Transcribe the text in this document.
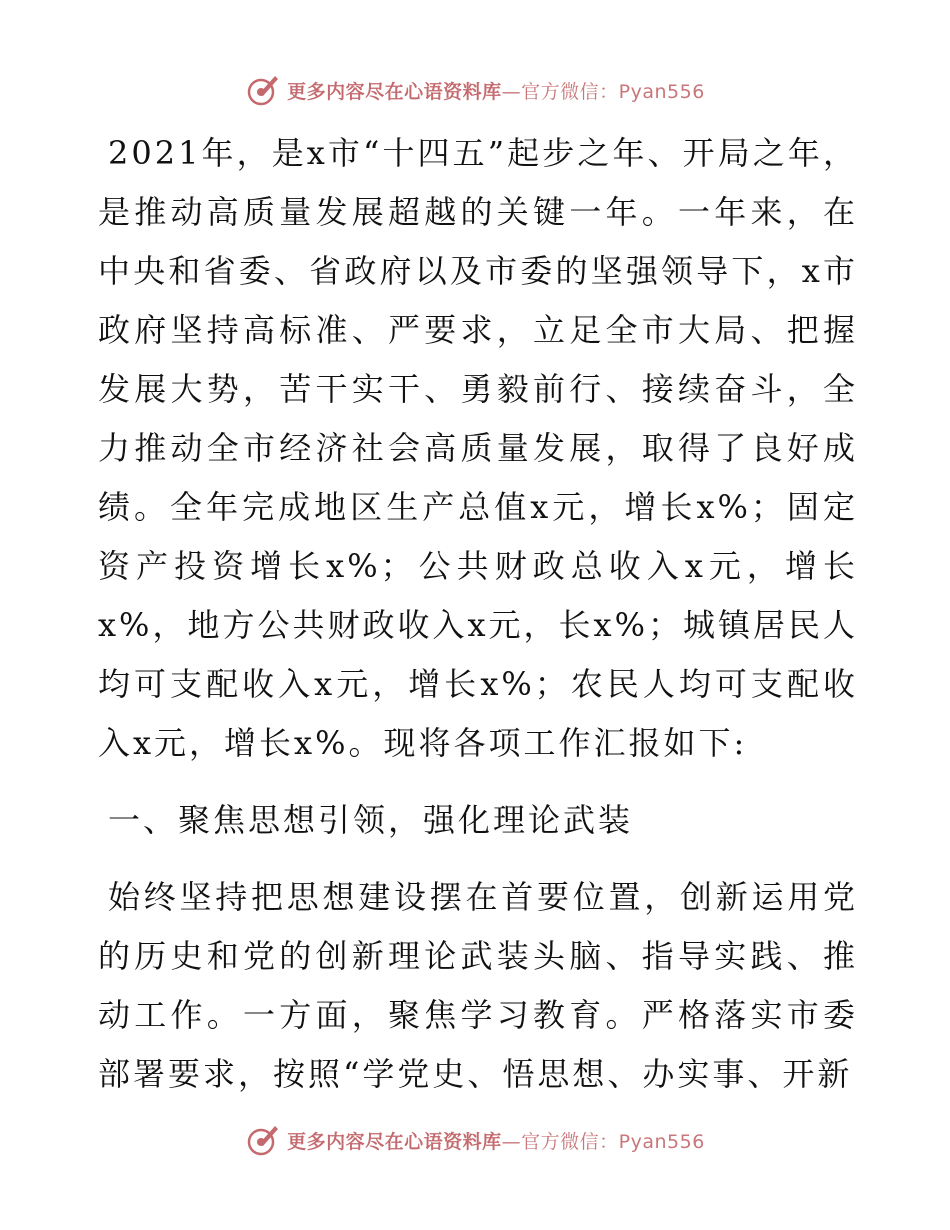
更多内容尽在心语资料库—官方微信：Pyan556

2021年，是x市“十四五”起步之年、开局之年，是推动高质量发展超越的关键一年。一年来，在中央和省委、省政府以及市委的坚强领导下，x市政府坚持高标准、严要求，立足全市大局、把握发展大势，苦干实干、勇毅前行、接续奋斗，全力推动全市经济社会高质量发展，取得了良好成绩。全年完成地区生产总值x元，增长x%；固定资产投资增长x%；公共财政总收入x元，增长x%，地方公共财政收入x元，长x%；城镇居民人均可支配收入x元，增长x%；农民人均可支配收入x元，增长x%。现将各项工作汇报如下:

一、聚焦思想引领，强化理论武装

始终坚持把思想建设摆在首要位置，创新运用党的历史和党的创新理论武装头脑、指导实践、推动工作。一方面，聚焦学习教育。严格落实市委部署要求，按照“学党史、悟思想、办实事、开新

更多内容尽在心语资料库—官方微信：Pyan556
